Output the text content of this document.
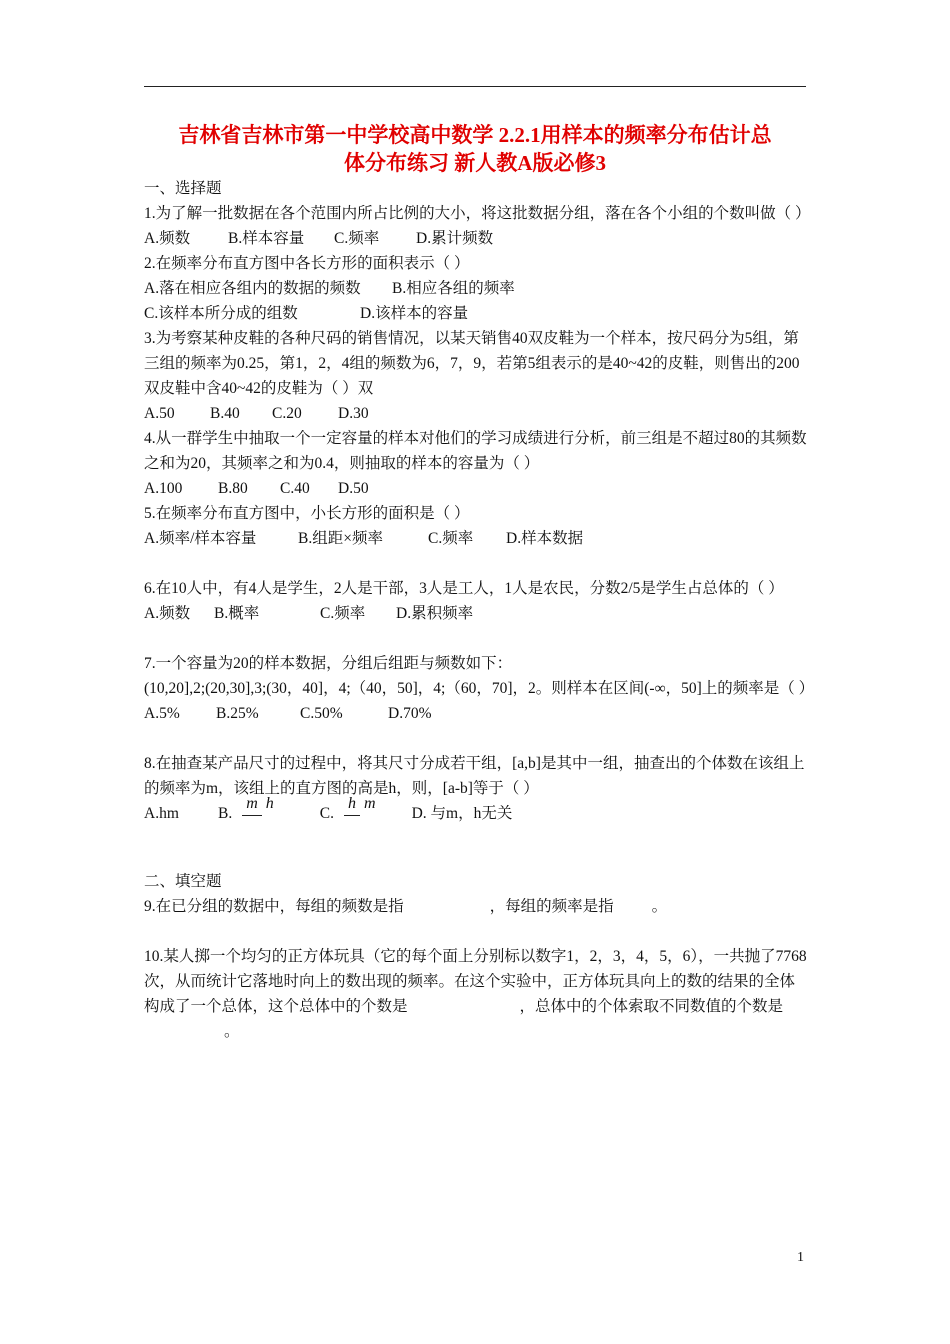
吉林省吉林市第一中学校高中数学 2.2.1用样本的频率分布估计总
体分布练习 新人教A版必修3

一、选择题

1.为了解一批数据在各个范围内所占比例的大小，将这批数据分组，落在各个小组的个数叫做（ ）

A.频数 B.样本容量 C.频率 D.累计频数

2.在频率分布直方图中各长方形的面积表示（ ）

A.落在相应各组内的数据的频数 B.相应各组的频率

C.该样本所分成的组数	D.该样本的容量

3.为考察某种皮鞋的各种尺码的销售情况，以某天销售40双皮鞋为一个样本，按尺码分为5组，第三组的频率为0.25，第1，2，4组的频数为6，7，9，若第5组表示的是40~42的皮鞋，则售出的200双皮鞋中含40~42的皮鞋为（ ）双

A.50 B.40 C.20 D.30

4.从一群学生中抽取一个一定容量的样本对他们的学习成绩进行分析，前三组是不超过80的其频数之和为20，其频率之和为0.4，则抽取的样本的容量为（ ）

A.100 B.80 C.40 D.50

5.在频率分布直方图中，小长方形的面积是（ ）

A.频率/样本容量	B.组距×频率	C.频率 D.样本数据

6.在10人中，有4人是学生，2人是干部，3人是工人，1人是农民，分数2/5是学生占总体的（ ）

A.频数 B.概率	C.频率 D.累积频率

7.一个容量为20的样本数据，分组后组距与频数如下：

(10,20],2;(20,30],3;(30，40]，4;（40，50]，4;（60，70]，2。则样本在区间(-∞，50]上的频率是（ ）

A.5% B.25%	C.50%	D.70%

8.在抽查某产品尺寸的过程中，将其尺寸分成若干组，[a,b]是其中一组，抽查出的个体数在该组上的频率为m，该组上的直方图的高是h，则，[a-b]等于（ ）

A.hm	B.m hC.h mD. 与m，h无关

二、填空题

9.在已分组的数据中，每组的频数是指	，每组的频率是指 。

10.某人掷一个均匀的正方体玩具（它的每个面上分别标以数字1，2，3，4，5，6），一共抛了7768次，从而统计它落地时向上的数出现的频率。在这个实验中，正方体玩具向上的数的结果的全体构成了一个总体，这个总体中的个数是	，总体中的个体索取不同数值的个数是。

1
